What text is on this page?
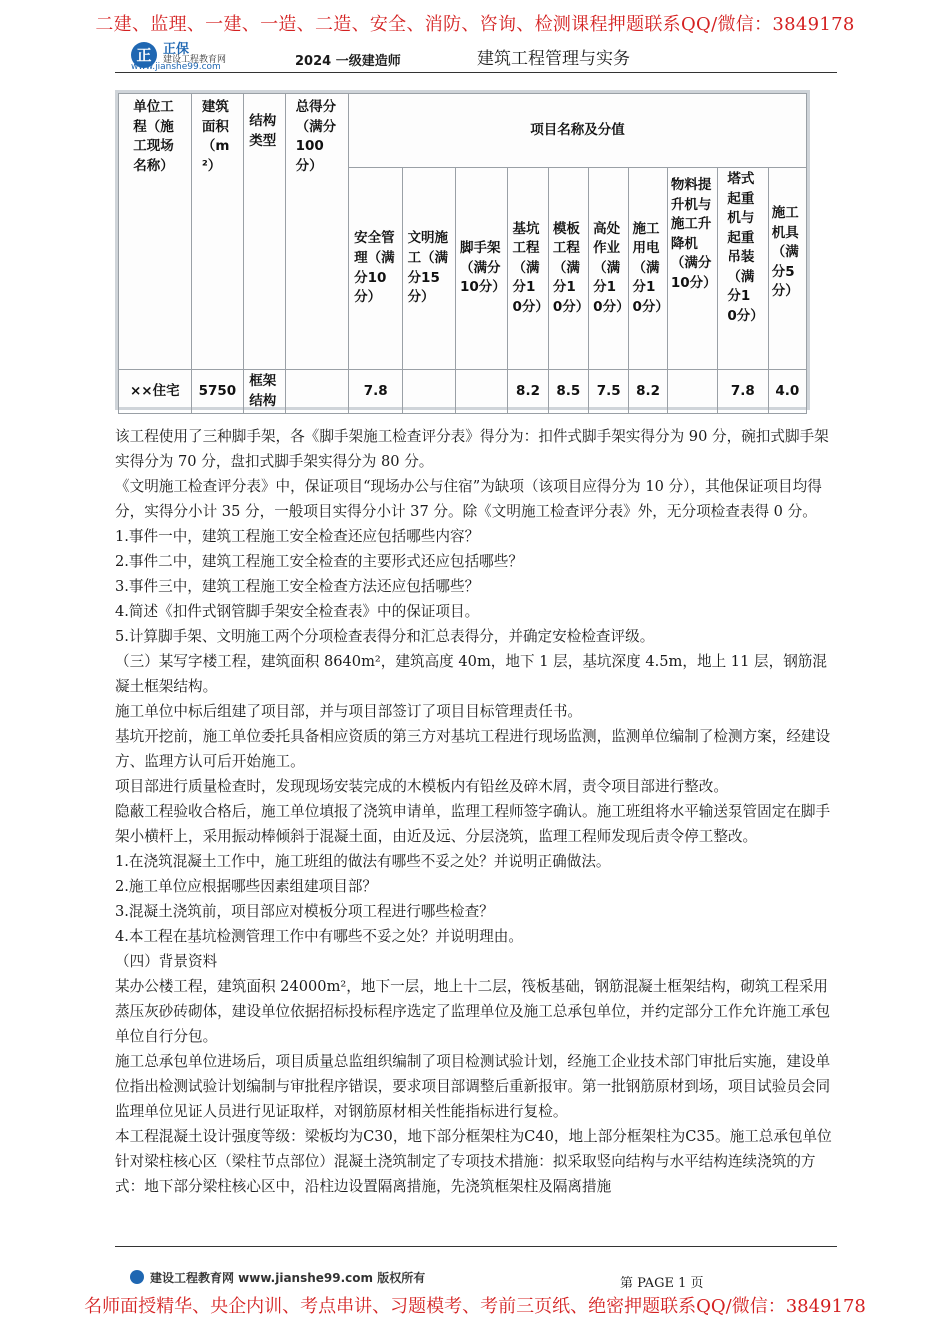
二建、监理、一建、一造、二造、安全、消防、咨询、检测课程押题联系QQ/微信：3849178
正 正保
建设工程教育网
www.jianshe99.com	2024 一级建造师	建筑工程管理与实务
单位工程（施工现场名称）	建筑面积（m²）	结构类型	总得分（满分100分）	项目名称及分值									
				安全管理（满分10分）	文明施工（满分15分）	脚手架（满分10分）	基坑工程（满分10分）	模板工程（满分10分）	高处作业（满分10分）	施工用电（满分10分）	物料提升机与施工升降机（满分10分）	塔式起重机与起重吊装（满分10分）	施工机具（满分5分）
××住宅	5750	框架结构		7.8			8.2	8.5	7.5	8.2		7.8	4.0

该工程使用了三种脚手架，各《脚手架施工检查评分表》得分为：扣件式脚手架实得分为 90 分，碗扣式脚手架实得分为 70 分，盘扣式脚手架实得分为 80 分。

《文明施工检查评分表》中，保证项目“现场办公与住宿”为缺项（该项目应得分为 10 分），其他保证项目均得分，实得分小计 35 分，一般项目实得分小计 37 分。除《文明施工检查评分表》外，无分项检查表得 0 分。

1.事件一中，建筑工程施工安全检查还应包括哪些内容？

2.事件二中，建筑工程施工安全检查的主要形式还应包括哪些？

3.事件三中，建筑工程施工安全检查方法还应包括哪些？

4.简述《扣件式钢管脚手架安全检查表》中的保证项目。

5.计算脚手架、文明施工两个分项检查表得分和汇总表得分，并确定安检检查评级。

（三）某写字楼工程，建筑面积 8640m²，建筑高度 40m，地下 1 层，基坑深度 4.5m，地上 11 层，钢筋混凝土框架结构。

施工单位中标后组建了项目部，并与项目部签订了项目目标管理责任书。

基坑开挖前，施工单位委托具备相应资质的第三方对基坑工程进行现场监测，监测单位编制了检测方案，经建设方、监理方认可后开始施工。

项目部进行质量检查时，发现现场安装完成的木模板内有铅丝及碎木屑，责令项目部进行整改。

隐蔽工程验收合格后，施工单位填报了浇筑申请单，监理工程师签字确认。施工班组将水平输送泵管固定在脚手架小横杆上，采用振动棒倾斜于混凝土面，由近及远、分层浇筑，监理工程师发现后责令停工整改。

1.在浇筑混凝土工作中，施工班组的做法有哪些不妥之处？并说明正确做法。

2.施工单位应根据哪些因素组建项目部？

3.混凝土浇筑前，项目部应对模板分项工程进行哪些检查？

4.本工程在基坑检测管理工作中有哪些不妥之处？并说明理由。

（四）背景资料

某办公楼工程，建筑面积 24000m²，地下一层，地上十二层，筏板基础，钢筋混凝土框架结构，砌筑工程采用蒸压灰砂砖砌体，建设单位依据招标投标程序选定了监理单位及施工总承包单位，并约定部分工作允许施工承包单位自行分包。

施工总承包单位进场后，项目质量总监组织编制了项目检测试验计划，经施工企业技术部门审批后实施，建设单位指出检测试验计划编制与审批程序错误，要求项目部调整后重新报审。第一批钢筋原材到场，项目试验员会同监理单位见证人员进行见证取样，对钢筋原材相关性能指标进行复检。

本工程混凝土设计强度等级：梁板均为C30，地下部分框架柱为C40，地上部分框架柱为C35。施工总承包单位针对梁柱核心区（梁柱节点部位）混凝土浇筑制定了专项技术措施：拟采取竖向结构与水平结构连续浇筑的方式：地下部分梁柱核心区中，沿柱边设置隔离措施，先浇筑框架柱及隔离措施

建设工程教育网 www.jianshe99.com 版权所有	第 PAGE 1 页
名师面授精华、央企内训、考点串讲、习题模考、考前三页纸、绝密押题联系QQ/微信：3849178
